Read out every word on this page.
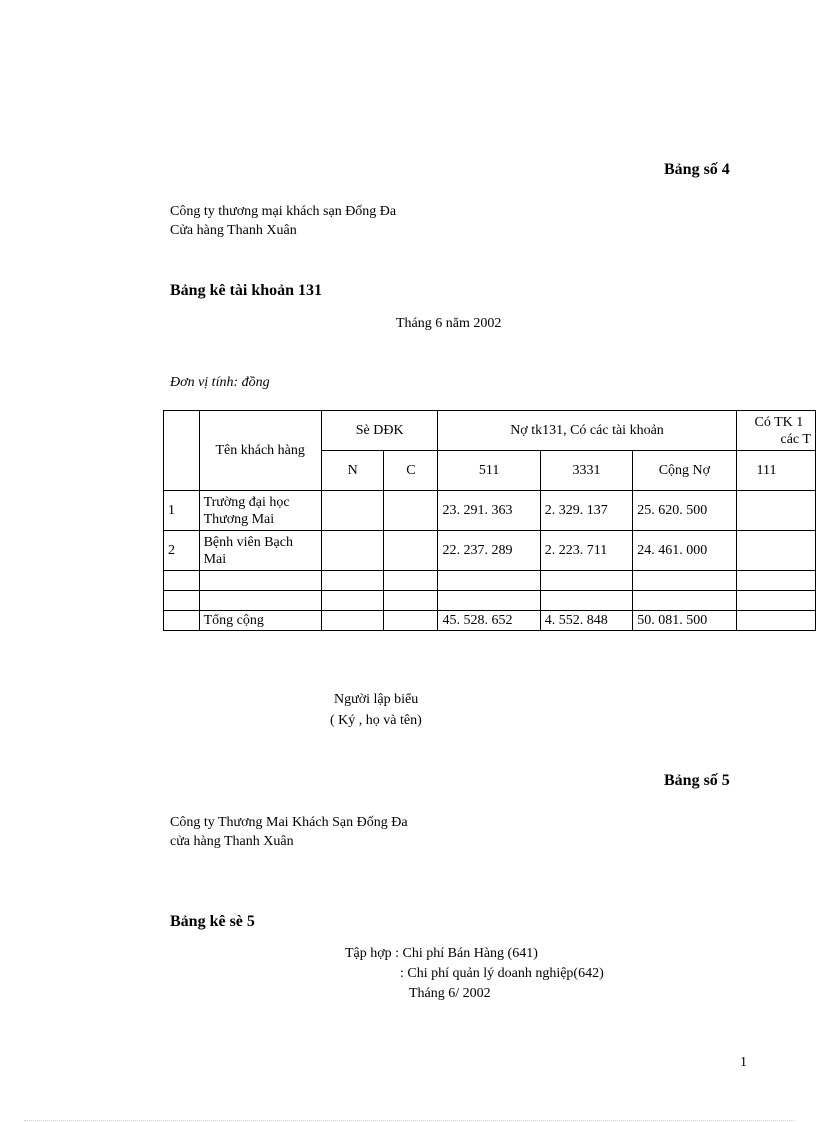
Bảng số 4
Công ty thương mại khách sạn Đống Đa
Cửa hàng Thanh Xuân
Bảng kê tài khoản 131
Tháng 6 năm 2002
Đơn vị tính: đồng
	Tên khách hàng	Sè DĐK		Nợ tk131, Có các tài khoản			Có TK 1
các T

		N	C	511	3331	Cộng Nợ	111
1	Trường đại học
Thương Mai			23. 291. 363	2. 329. 137	25. 620. 500	
2	Bệnh viên Bạch
Mai			22. 237. 289	2. 223. 711	24. 461. 000	

	Tổng cộng			45. 528. 652	4. 552. 848	50. 081. 500	
Người lập biểu
( Ký , họ và tên)
Bảng số 5
Công ty Thương Mai Khách Sạn Đống Đa
cửa hàng Thanh Xuân
Bảng kê sè 5
Tập hợp : Chi phí Bán Hàng (641)
: Chi phí quản lý doanh nghiệp(642)
Tháng 6/ 2002
1
